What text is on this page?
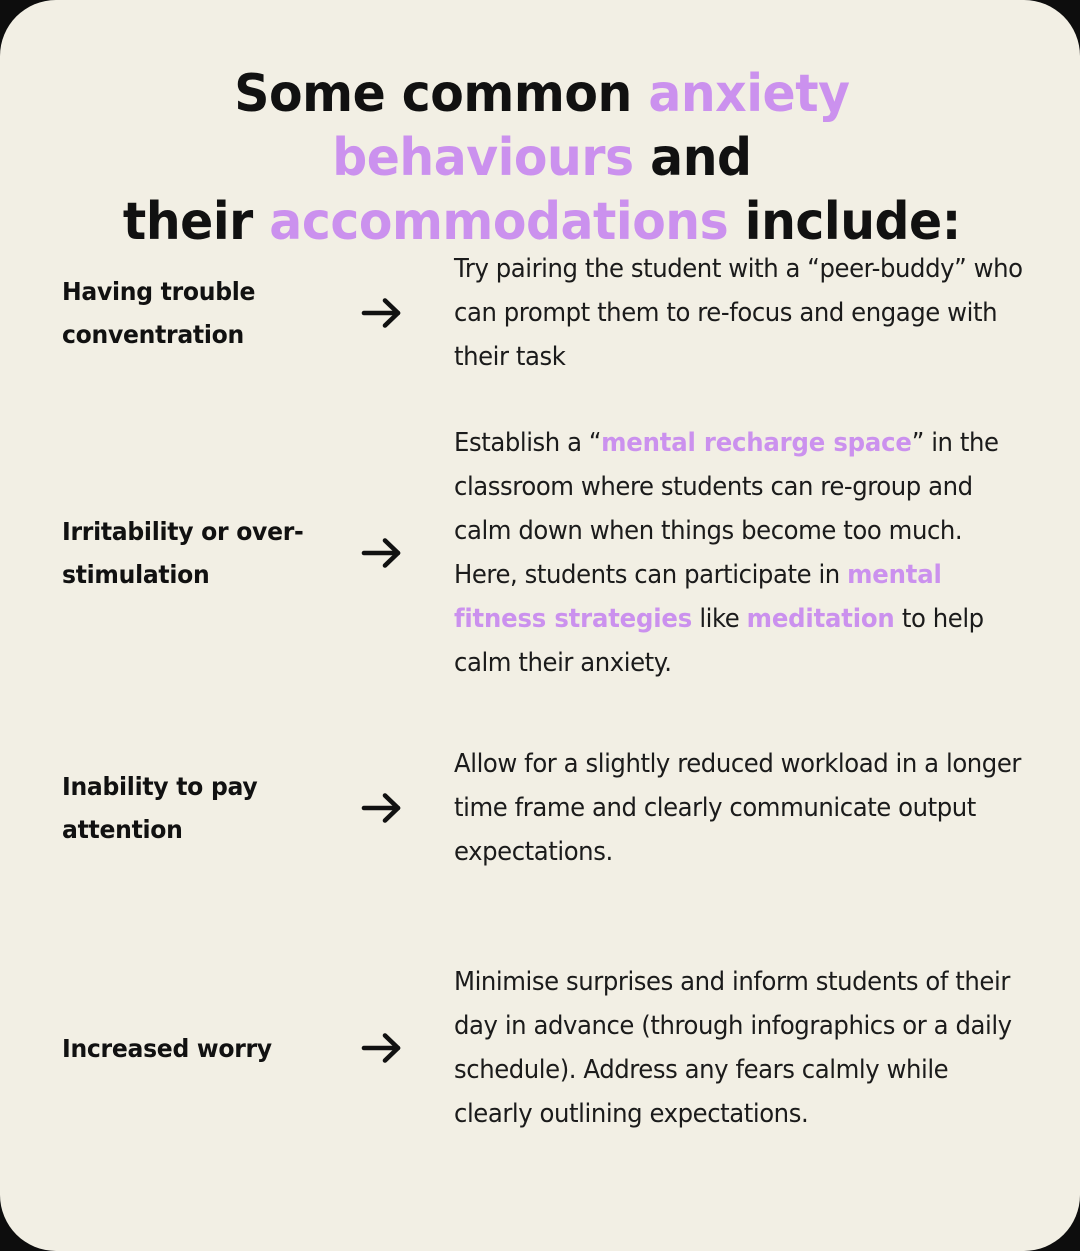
Some common anxiety behaviours and
their accommodations include:
Having trouble conventration
Try pairing the student with a “peer-buddy” who can prompt them to re-focus and engage with their task
Irritability or over-stimulation
Establish a “mental recharge space” in the classroom where students can re-group and calm down when things become too much. Here, students can participate in mental fitness strategies like meditation to help calm their anxiety.
Inability to pay attention
Allow for a slightly reduced workload in a longer time frame and clearly communicate output expectations.
Increased worry
Minimise surprises and inform students of their day in advance (through infographics or a daily schedule). Address any fears calmly while clearly outlining expectations.
